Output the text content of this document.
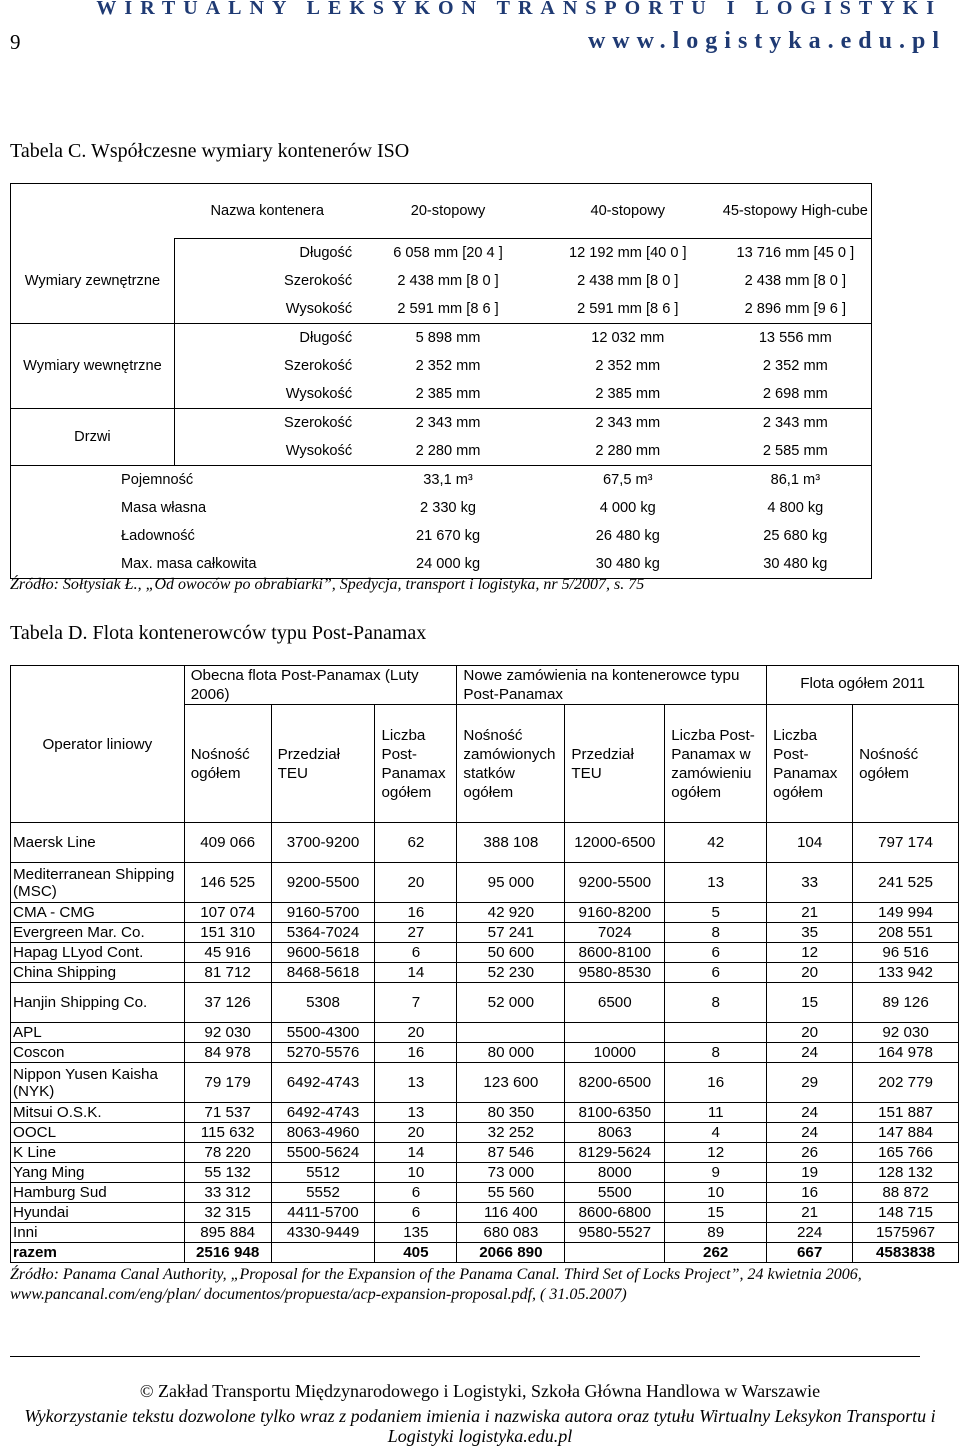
9
WIRTUALNY LEKSYKON TRANSPORTU I LOGISTYKI
www.logistyka.edu.pl
Tabela C. Współczesne wymiary kontenerów ISO
	Nazwa kontenera	20-stopowy	40-stopowy	45-stopowy High-cube
Wymiary zewnętrzne	Długość	6 058 mm [20 4 ]	12 192 mm [40 0 ]	13 716 mm [45 0 ]
	Szerokość	2 438 mm [8 0 ]	2 438 mm [8 0 ]	2 438 mm [8 0 ]
	Wysokość	2 591 mm [8 6 ]	2 591 mm [8 6 ]	2 896 mm [9 6 ]
Wymiary wewnętrzne	Długość	5 898 mm	12 032 mm	13 556 mm
	Szerokość	2 352 mm	2 352 mm	2 352 mm
	Wysokość	2 385 mm	2 385 mm	2 698 mm
Drzwi	Szerokość	2 343 mm	2 343 mm	2 343 mm
	Wysokość	2 280 mm	2 280 mm	2 585 mm
Pojemność		33,1 m³	67,5 m³	86,1 m³
Masa własna		2 330 kg	4 000 kg	4 800 kg
Ładowność		21 670 kg	26 480 kg	25 680 kg
Max. masa całkowita		24 000 kg	30 480 kg	30 480 kg
Źródło: Sołtysiak Ł., „Od owoców po obrabiarki”, Spedycja, transport i logistyka, nr 5/2007, s. 75
Tabela D. Flota kontenerowców typu Post-Panamax
Operator liniowy	Obecna flota Post-Panamax (Luty 2006)			Nowe zamówienia na kontenerowce typu Post-Panamax			Flota ogółem 2011	
	Nośność ogółem	Przedział TEU	Liczba Post-Panamax ogółem	Nośność zamówionych statków ogółem	Przedział TEU	Liczba Post-Panamax w zamówieniu ogółem	Liczba Post-Panamax ogółem	Nośność ogółem
Maersk Line	409 066	3700-9200	62	388 108	12000-6500	42	104	797 174
Mediterranean Shipping (MSC)	146 525	9200-5500	20	95 000	9200-5500	13	33	241 525
CMA - CMG	107 074	9160-5700	16	42 920	9160-8200	5	21	149 994
Evergreen Mar. Co.	151 310	5364-7024	27	57 241	7024	8	35	208 551
Hapag LLyod Cont.	45 916	9600-5618	6	50 600	8600-8100	6	12	96 516
China Shipping	81 712	8468-5618	14	52 230	9580-8530	6	20	133 942
Hanjin Shipping Co.	37 126	5308	7	52 000	6500	8	15	89 126
APL	92 030	5500-4300	20				20	92 030
Coscon	84 978	5270-5576	16	80 000	10000	8	24	164 978
Nippon Yusen Kaisha (NYK)	79 179	6492-4743	13	123 600	8200-6500	16	29	202 779
Mitsui O.S.K.	71 537	6492-4743	13	80 350	8100-6350	11	24	151 887
OOCL	115 632	8063-4960	20	32 252	8063	4	24	147 884
K Line	78 220	5500-5624	14	87 546	8129-5624	12	26	165 766
Yang Ming	55 132	5512	10	73 000	8000	9	19	128 132
Hamburg Sud	33 312	5552	6	55 560	5500	10	16	88 872
Hyundai	32 315	4411-5700	6	116 400	8600-6800	15	21	148 715
Inni	895 884	4330-9449	135	680 083	9580-5527	89	224	1575967
razem	2516 948		405	2066 890		262	667	4583838
Źródło: Panama Canal Authority, „Proposal for the Expansion of the Panama Canal. Third Set of Locks Project”, 24 kwietnia 2006, www.pancanal.com/eng/plan/ documentos/propuesta/acp-expansion-proposal.pdf, ( 31.05.2007)
© Zakład Transportu Międzynarodowego i Logistyki, Szkoła Główna Handlowa w Warszawie
Wykorzystanie tekstu dozwolone tylko wraz z podaniem imienia i nazwiska autora oraz tytułu Wirtualny Leksykon Transportu i Logistyki logistyka.edu.pl
